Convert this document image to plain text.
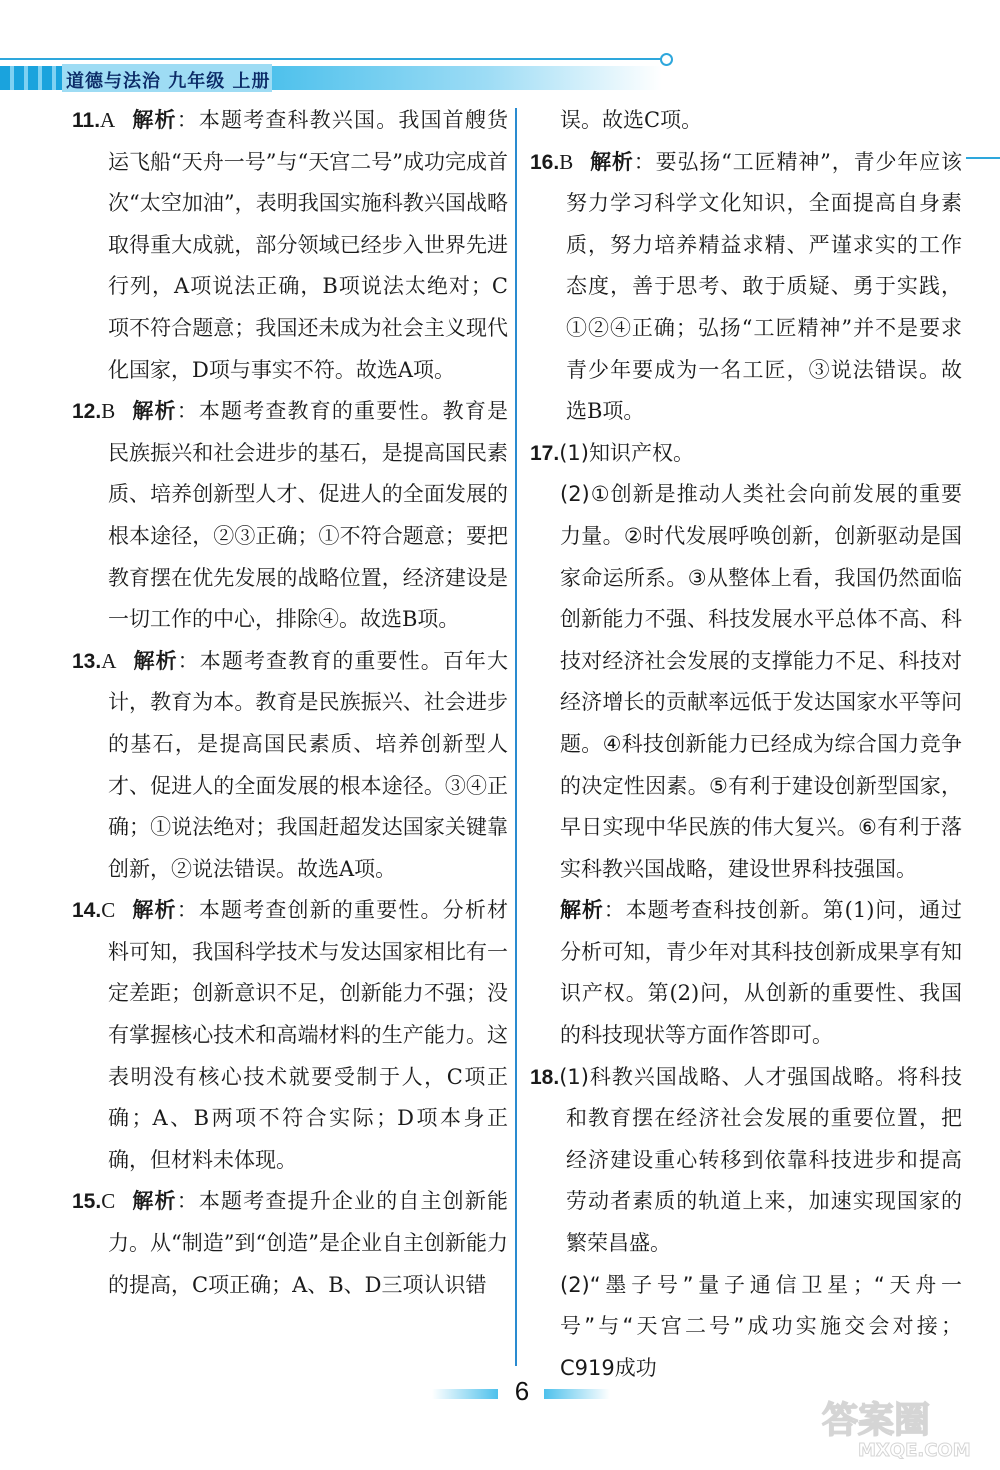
道德与法治 九年级 上册

11.A 解析：本题考查科教兴国。我国首艘货运飞船“天舟一号”与“天宫二号”成功完成首次“太空加油”，表明我国实施科教兴国战略取得重大成就，部分领域已经步入世界先进行列，A项说法正确，B项说法太绝对；C项不符合题意；我国还未成为社会主义现代化国家，D项与事实不符。故选A项。

12.B 解析：本题考查教育的重要性。教育是民族振兴和社会进步的基石，是提高国民素质、培养创新型人才、促进人的全面发展的根本途径，②③正确；①不符合题意；要把教育摆在优先发展的战略位置，经济建设是一切工作的中心，排除④。故选B项。

13.A 解析：本题考查教育的重要性。百年大计，教育为本。教育是民族振兴、社会进步的基石，是提高国民素质、培养创新型人才、促进人的全面发展的根本途径。③④正确；①说法绝对；我国赶超发达国家关键靠创新，②说法错误。故选A项。

14.C 解析：本题考查创新的重要性。分析材料可知，我国科学技术与发达国家相比有一定差距；创新意识不足，创新能力不强；没有掌握核心技术和高端材料的生产能力。这表明没有核心技术就要受制于人，C项正确；A、B两项不符合实际；D项本身正确，但材料未体现。

15.C 解析：本题考查提升企业的自主创新能力。从“制造”到“创造”是企业自主创新能力的提高，C项正确；A、B、D三项认识错

误。故选C项。

16.B 解析：要弘扬“工匠精神”，青少年应该努力学习科学文化知识，全面提高自身素质，努力培养精益求精、严谨求实的工作态度，善于思考、敢于质疑、勇于实践，①②④正确；弘扬“工匠精神”并不是要求青少年要成为一名工匠，③说法错误。故选B项。

17.(1)知识产权。

(2)①创新是推动人类社会向前发展的重要力量。②时代发展呼唤创新，创新驱动是国家命运所系。③从整体上看，我国仍然面临创新能力不强、科技发展水平总体不高、科技对经济社会发展的支撑能力不足、科技对经济增长的贡献率远低于发达国家水平等问题。④科技创新能力已经成为综合国力竞争的决定性因素。⑤有利于建设创新型国家，早日实现中华民族的伟大复兴。⑥有利于落实科教兴国战略，建设世界科技强国。

解析：本题考查科技创新。第(1)问，通过分析可知，青少年对其科技创新成果享有知识产权。第(2)问，从创新的重要性、我国的科技现状等方面作答即可。

18.(1)科教兴国战略、人才强国战略。将科技和教育摆在经济社会发展的重要位置，把经济建设重心转移到依靠科技进步和提高劳动者素质的轨道上来，加速实现国家的繁荣昌盛。

(2)“墨子号”量子通信卫星；“天舟一号”与“天宫二号”成功实施交会对接；C919成功

6
答案圈
MXQE.COM
